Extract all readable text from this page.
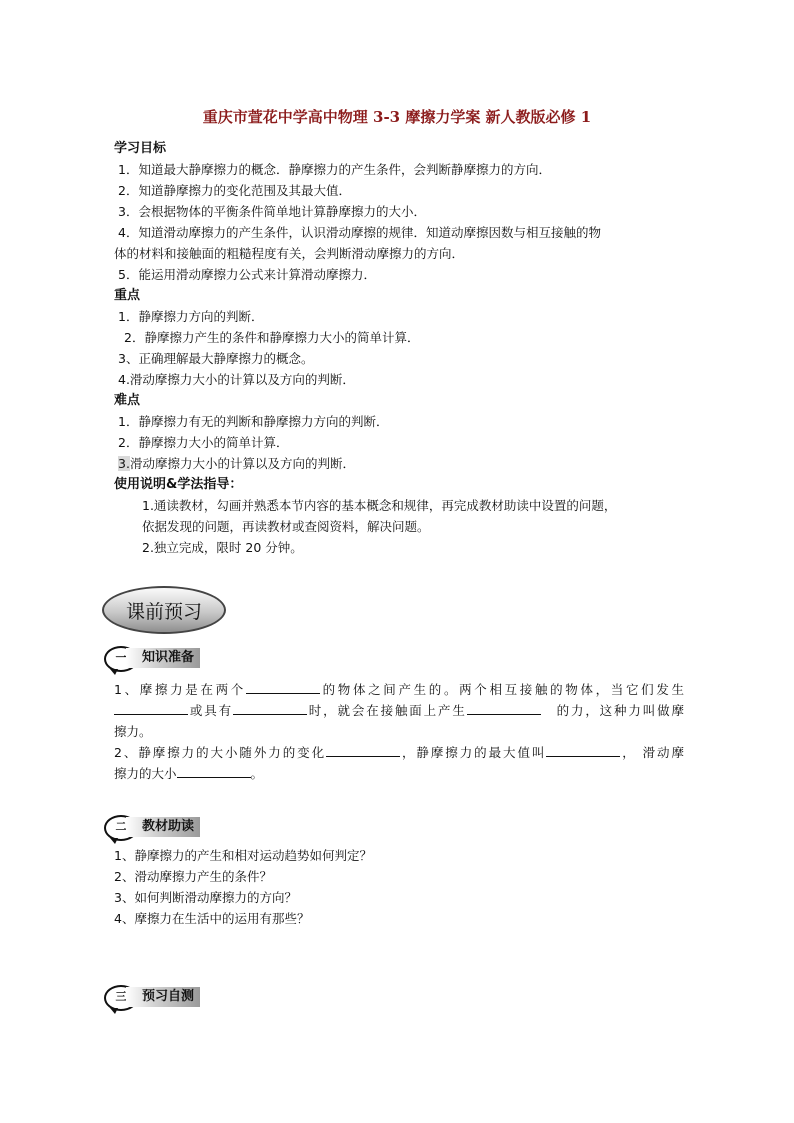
重庆市萱花中学高中物理 3-3 摩擦力学案 新人教版必修 1
学习目标
1．知道最大静摩擦力的概念．静摩擦力的产生条件，会判断静摩擦力的方向．
2．知道静摩擦力的变化范围及其最大值．
3．会根据物体的平衡条件简单地计算静摩擦力的大小．
4．知道滑动摩擦力的产生条件，认识滑动摩擦的规律．知道动摩擦因数与相互接触的物
体的材料和接触面的粗糙程度有关，会判断滑动摩擦力的方向．
5．能运用滑动摩擦力公式来计算滑动摩擦力．
重点
1．静摩擦力方向的判断．
2．静摩擦力产生的条件和静摩擦力大小的简单计算．
3、正确理解最大静摩擦力的概念。
4.滑动摩擦力大小的计算以及方向的判断．
难点
1．静摩擦力有无的判断和静摩擦力方向的判断．
2．静摩擦力大小的简单计算．
3.滑动摩擦力大小的计算以及方向的判断．
使用说明&学法指导：
1.通读教材，勾画并熟悉本节内容的基本概念和规律，再完成教材助读中设置的问题，
依据发现的问题，再读教材或查阅资料，解决问题。
2.独立完成，限时 20 分钟。
课前预习
一	知识准备
1、摩擦力是在两个	的物体之间产生的。两个相互接触的物体，当它们发生
或具有	时，就会在接触面上产生	的力，这种力叫做摩
擦力。
2、静摩擦力的大小随外力的变化	，静摩擦力的最大值叫	， 滑动摩
擦力的大小	。
二	教材助读
1、静摩擦力的产生和相对运动趋势如何判定？
2、滑动摩擦力产生的条件？
3、如何判断滑动摩擦力的方向？
4、摩擦力在生活中的运用有那些？
三	预习自测
